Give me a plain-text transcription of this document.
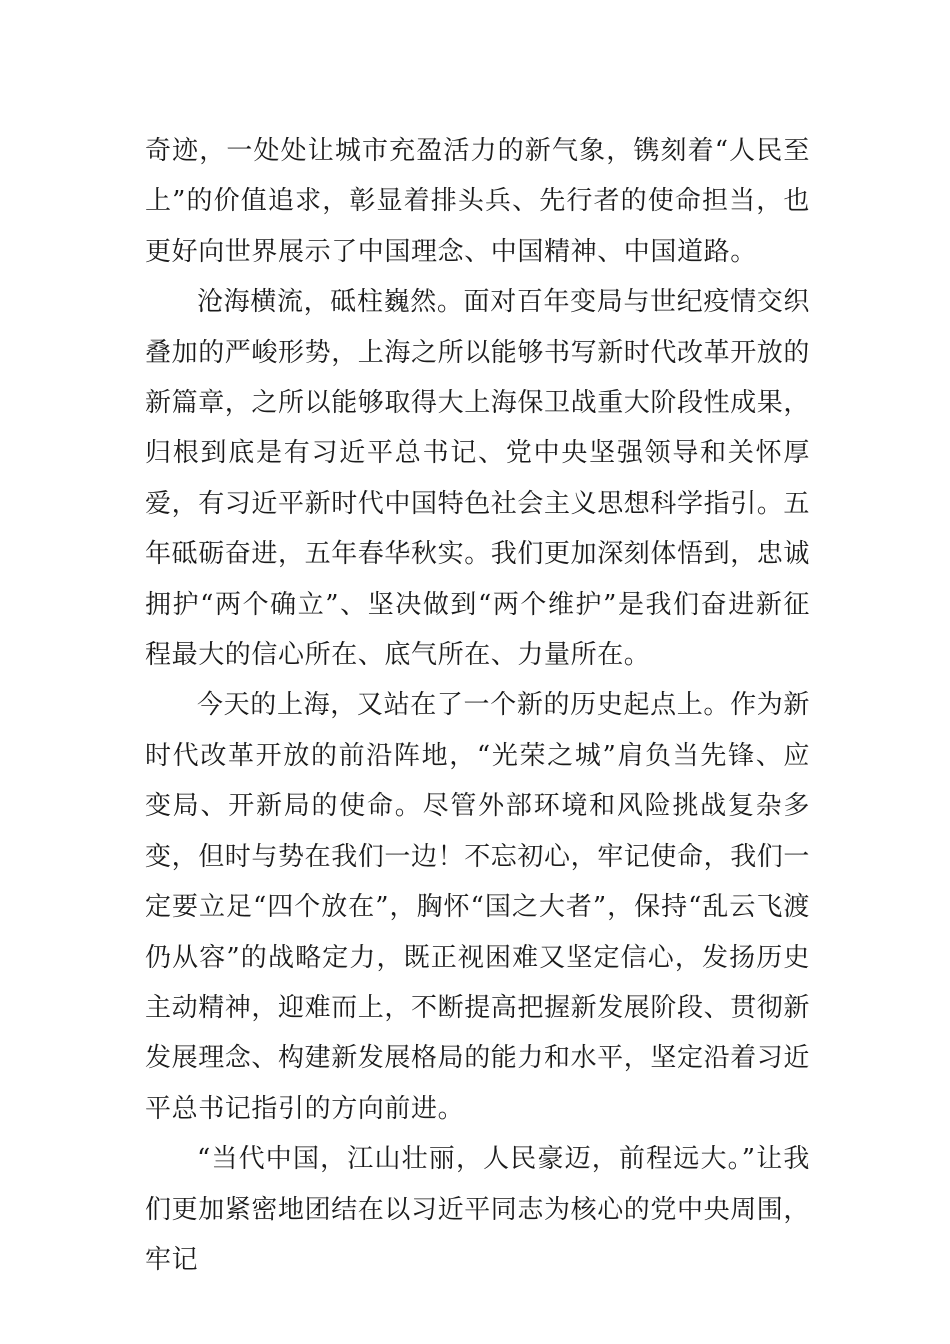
奇迹，一处处让城市充盈活力的新气象，镌刻着“人民至上”的价值追求，彰显着排头兵、先行者的使命担当，也更好向世界展示了中国理念、中国精神、中国道路。

沧海横流，砥柱巍然。面对百年变局与世纪疫情交织叠加的严峻形势，上海之所以能够书写新时代改革开放的新篇章，之所以能够取得大上海保卫战重大阶段性成果，归根到底是有习近平总书记、党中央坚强领导和关怀厚爱，有习近平新时代中国特色社会主义思想科学指引。五年砥砺奋进，五年春华秋实。我们更加深刻体悟到，忠诚拥护“两个确立”、坚决做到“两个维护”是我们奋进新征程最大的信心所在、底气所在、力量所在。

今天的上海，又站在了一个新的历史起点上。作为新时代改革开放的前沿阵地，“光荣之城”肩负当先锋、应变局、开新局的使命。尽管外部环境和风险挑战复杂多变，但时与势在我们一边！不忘初心，牢记使命，我们一定要立足“四个放在”，胸怀“国之大者”，保持“乱云飞渡仍从容”的战略定力，既正视困难又坚定信心，发扬历史主动精神，迎难而上，不断提高把握新发展阶段、贯彻新发展理念、构建新发展格局的能力和水平，坚定沿着习近平总书记指引的方向前进。

“当代中国，江山壮丽，人民豪迈，前程远大。”让我们更加紧密地团结在以习近平同志为核心的党中央周围，牢记
